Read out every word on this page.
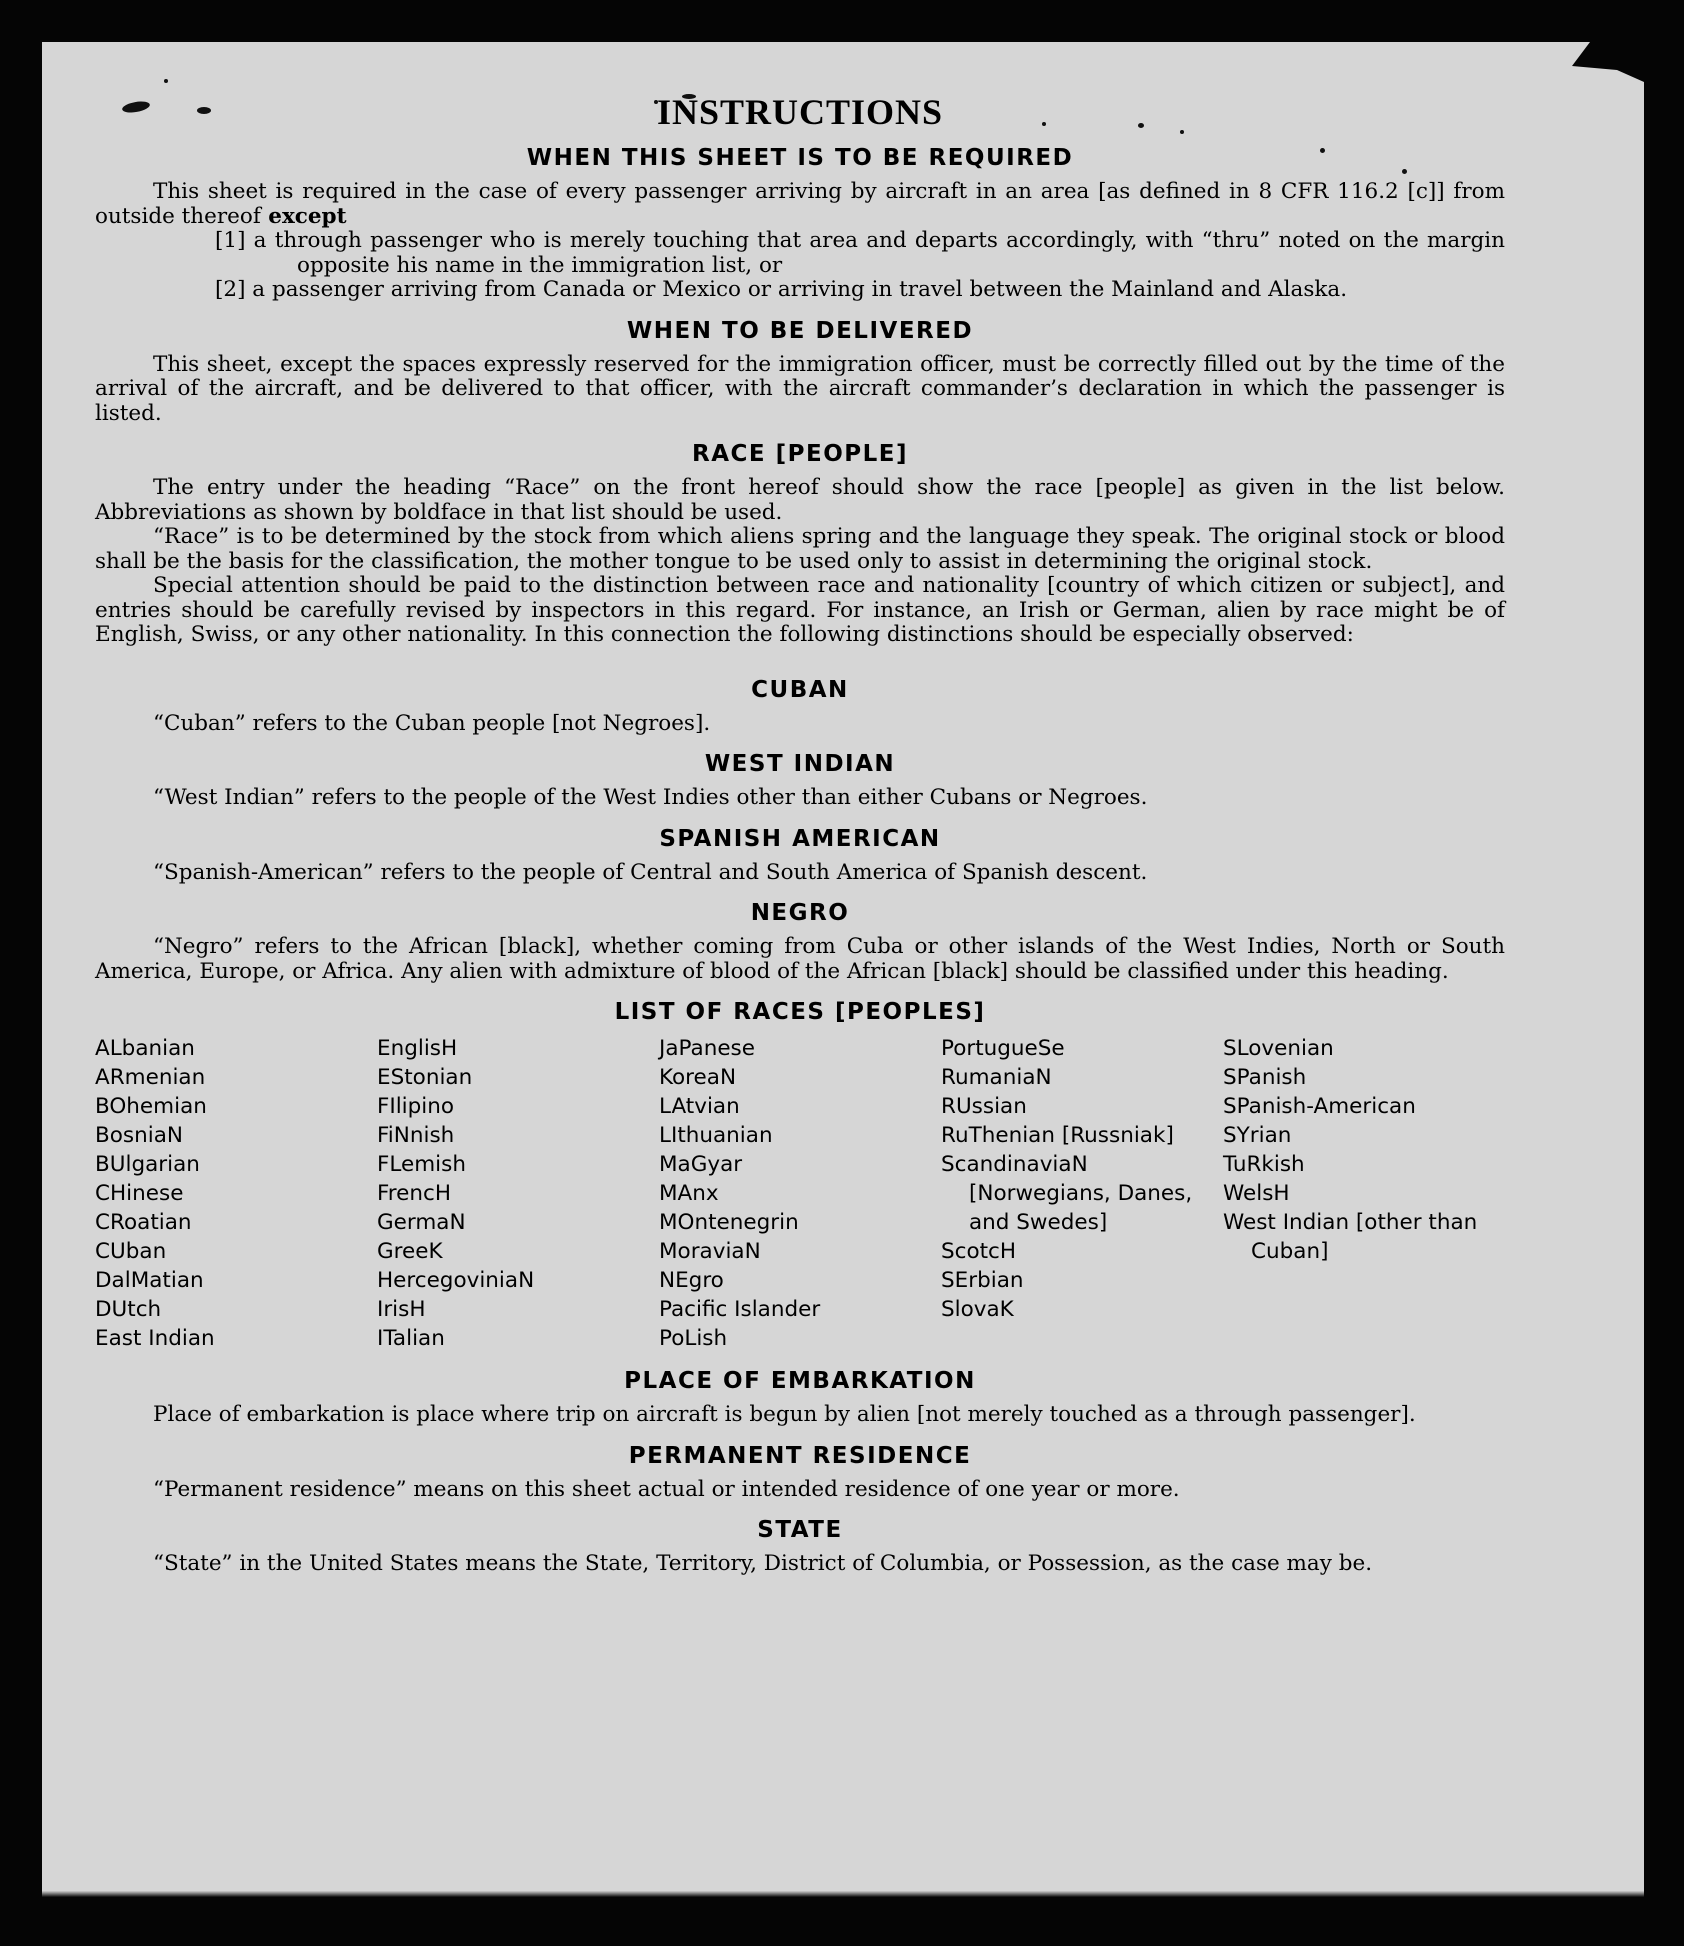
INSTRUCTIONS
WHEN THIS SHEET IS TO BE REQUIRED

This sheet is required in the case of every passenger arriving by aircraft in an area [as defined in 8 CFR 116.2 [c]] from outside thereof except

[1] a through passenger who is merely touching that area and departs accordingly, with “thru” noted on the margin opposite his name in the immigration list, or

[2] a passenger arriving from Canada or Mexico or arriving in travel between the Mainland and Alaska.

WHEN TO BE DELIVERED

This sheet, except the spaces expressly reserved for the immigration officer, must be correctly filled out by the time of the arrival of the aircraft, and be delivered to that officer, with the aircraft commander’s declaration in which the passenger is listed.

RACE [PEOPLE]

The entry under the heading “Race” on the front hereof should show the race [people] as given in the list below. Abbreviations as shown by boldface in that list should be used.

“Race” is to be determined by the stock from which aliens spring and the language they speak. The original stock or blood shall be the basis for the classification, the mother tongue to be used only to assist in determining the original stock.

Special attention should be paid to the distinction between race and nationality [country of which citizen or subject], and entries should be carefully revised by inspectors in this regard. For instance, an Irish or German, alien by race might be of English, Swiss, or any other nationality. In this connection the following distinctions should be especially observed:

CUBAN

“Cuban” refers to the Cuban people [not Negroes].

WEST INDIAN

“West Indian” refers to the people of the West Indies other than either Cubans or Negroes.

SPANISH AMERICAN

“Spanish-American” refers to the people of Central and South America of Spanish descent.

NEGRO

“Negro” refers to the African [black], whether coming from Cuba or other islands of the West Indies, North or South America, Europe, or Africa. Any alien with admixture of blood of the African [black] should be classified under this heading.

LIST OF RACES [PEOPLES]
ALbanian
ARmenian
BOhemian
BosniaN
BUlgarian
CHinese
CRoatian
CUban
DalMatian
DUtch
East Indian
EnglisH
EStonian
FIlipino
FiNnish
FLemish
FrencH
GermaN
GreeK
HercegoviniaN
IrisH
ITalian
JaPanese
KoreaN
LAtvian
LIthuanian
MaGyar
MAnx
MOntenegrin
MoraviaN
NEgro
Pacific Islander
PoLish
PortugueSe
RumaniaN
RUssian
RuThenian [Russniak]
ScandinaviaN [Norwegians, Danes, and Swedes]
ScotcH
SErbian
SlovaK
SLovenian
SPanish
SPanish-American
SYrian
TuRkish
WelsH
West Indian [other than Cuban]
PLACE OF EMBARKATION

Place of embarkation is place where trip on aircraft is begun by alien [not merely touched as a through passenger].

PERMANENT RESIDENCE

“Permanent residence” means on this sheet actual or intended residence of one year or more.

STATE

“State” in the United States means the State, Territory, District of Columbia, or Possession, as the case may be.
